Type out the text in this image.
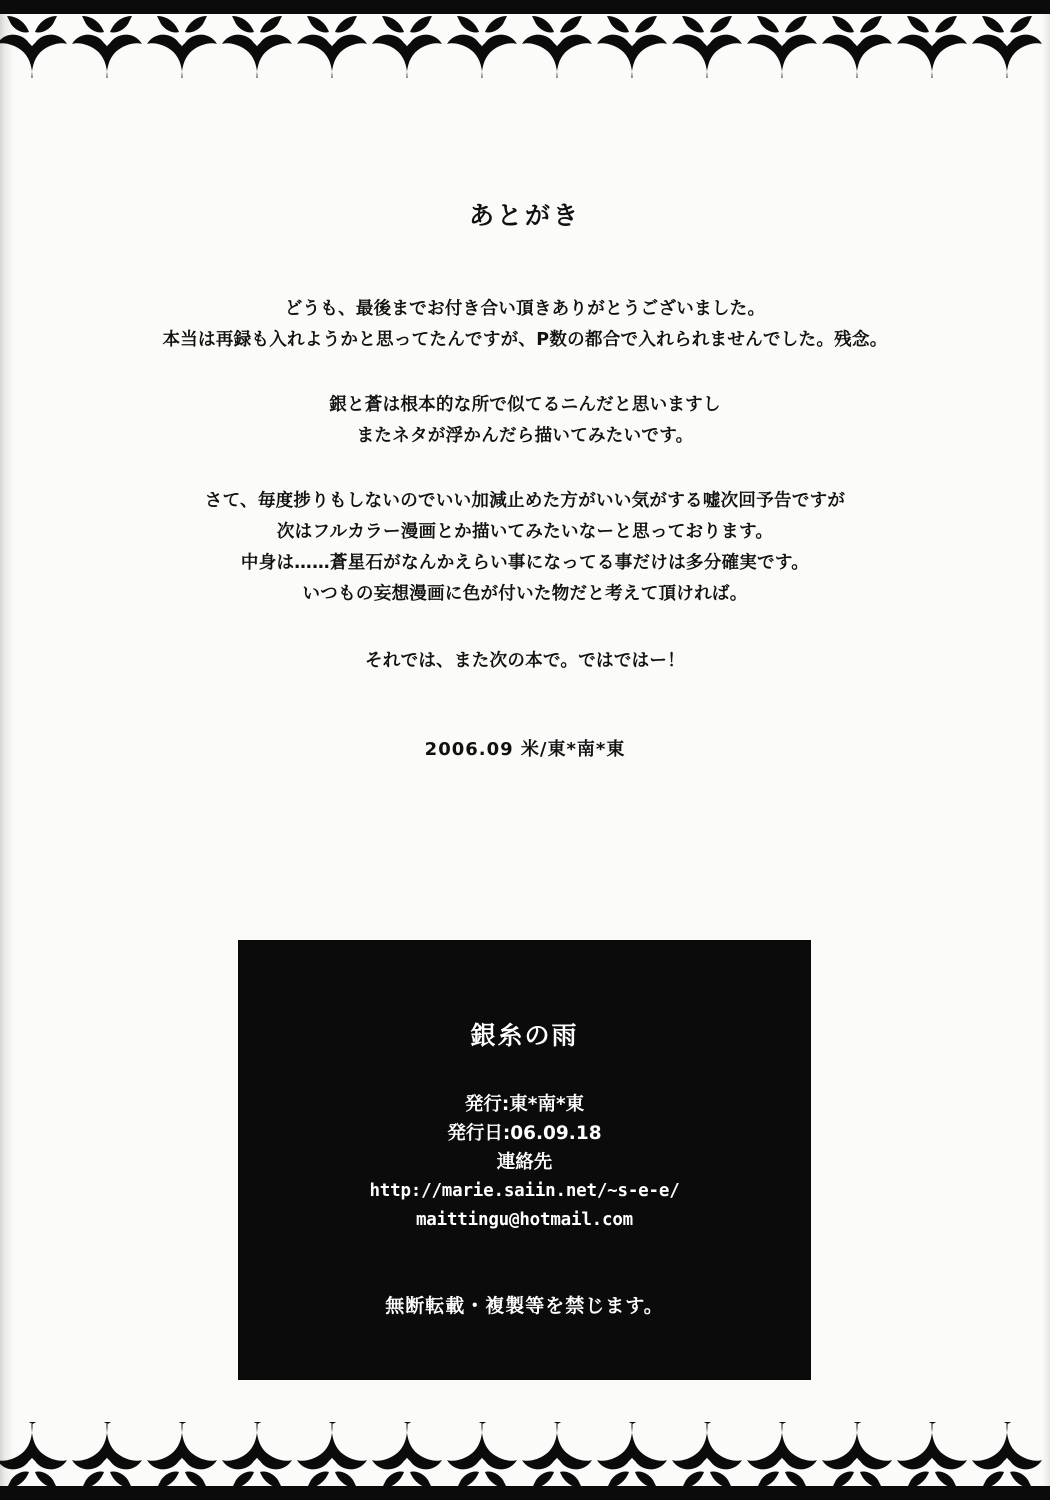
あとがき

どうも、最後までお付き合い頂きありがとうございました。
本当は再録も入れようかと思ってたんですが、P数の都合で入れられませんでした。残念。

銀と蒼は根本的な所で似てるニんだと思いますし
またネタが浮かんだら描いてみたいです。

さて、毎度捗りもしないのでいい加減止めた方がいい気がする嘘次回予告ですが
次はフルカラー漫画とか描いてみたいなーと思っております。
中身は……蒼星石がなんかえらい事になってる事だけは多分確実です。
いつもの妄想漫画に色が付いた物だと考えて頂ければ。

それでは、また次の本で。ではではー！

2006.09 米/東*南*東
銀糸の雨
発行:東*南*東
発行日:06.09.18
連絡先
http://marie.saiin.net/~s-e-e/
maittingu@hotmail.com
無断転載・複製等を禁じます。
